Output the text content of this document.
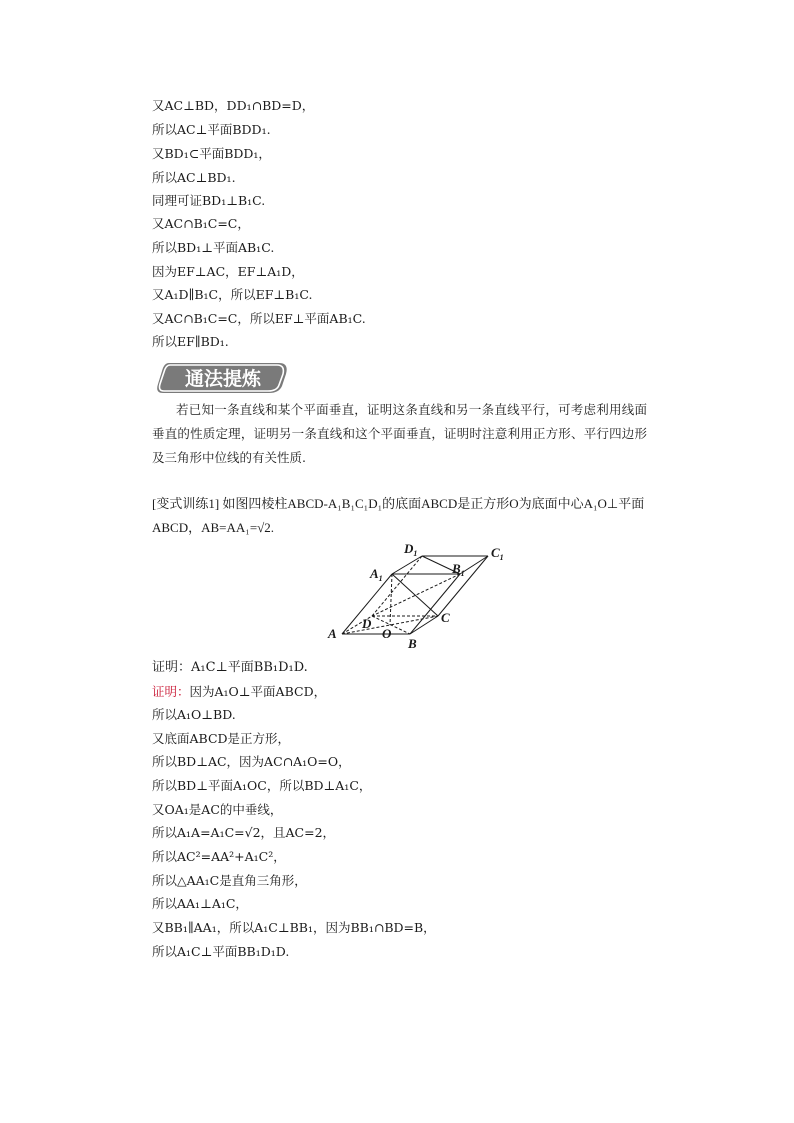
又AC⊥BD，DD₁∩BD=D，
所以AC⊥平面BDD₁.
又BD₁⊂平面BDD₁，
所以AC⊥BD₁.
同理可证BD₁⊥B₁C.
又AC∩B₁C=C，
所以BD₁⊥平面AB₁C.
因为EF⊥AC，EF⊥A₁D，
又A₁D∥B₁C，所以EF⊥B₁C.
又AC∩B₁C=C，所以EF⊥平面AB₁C.
所以EF∥BD₁.
通法提炼
若已知一条直线和某个平面垂直，证明这条直线和另一条直线平行，可考虑利用线面垂直的性质定理，证明另一条直线和这个平面垂直，证明时注意利用正方形、平行四边形及三角形中位线的有关性质.
[变式训练1] 如图四棱柱ABCD-A₁B₁C₁D₁的底面ABCD是正方形O为底面中心A₁O⊥平面ABCD，AB=AA₁=√2.
$D_1$	$C_1$
$A_1$
$B_1$
A
D
O
C
B
证明：A₁C⊥平面BB₁D₁D.
证明：因为A₁O⊥平面ABCD，
所以A₁O⊥BD.
又底面ABCD是正方形，
所以BD⊥AC，因为AC∩A₁O=O，
所以BD⊥平面A₁OC，所以BD⊥A₁C，
又OA₁是AC的中垂线，
所以A₁A=A₁C=√2，且AC=2，
所以AC²=AA²+A₁C²，
所以△AA₁C是直角三角形，
所以AA₁⊥A₁C，
又BB₁∥AA₁，所以A₁C⊥BB₁，因为BB₁∩BD=B，
所以A₁C⊥平面BB₁D₁D.
